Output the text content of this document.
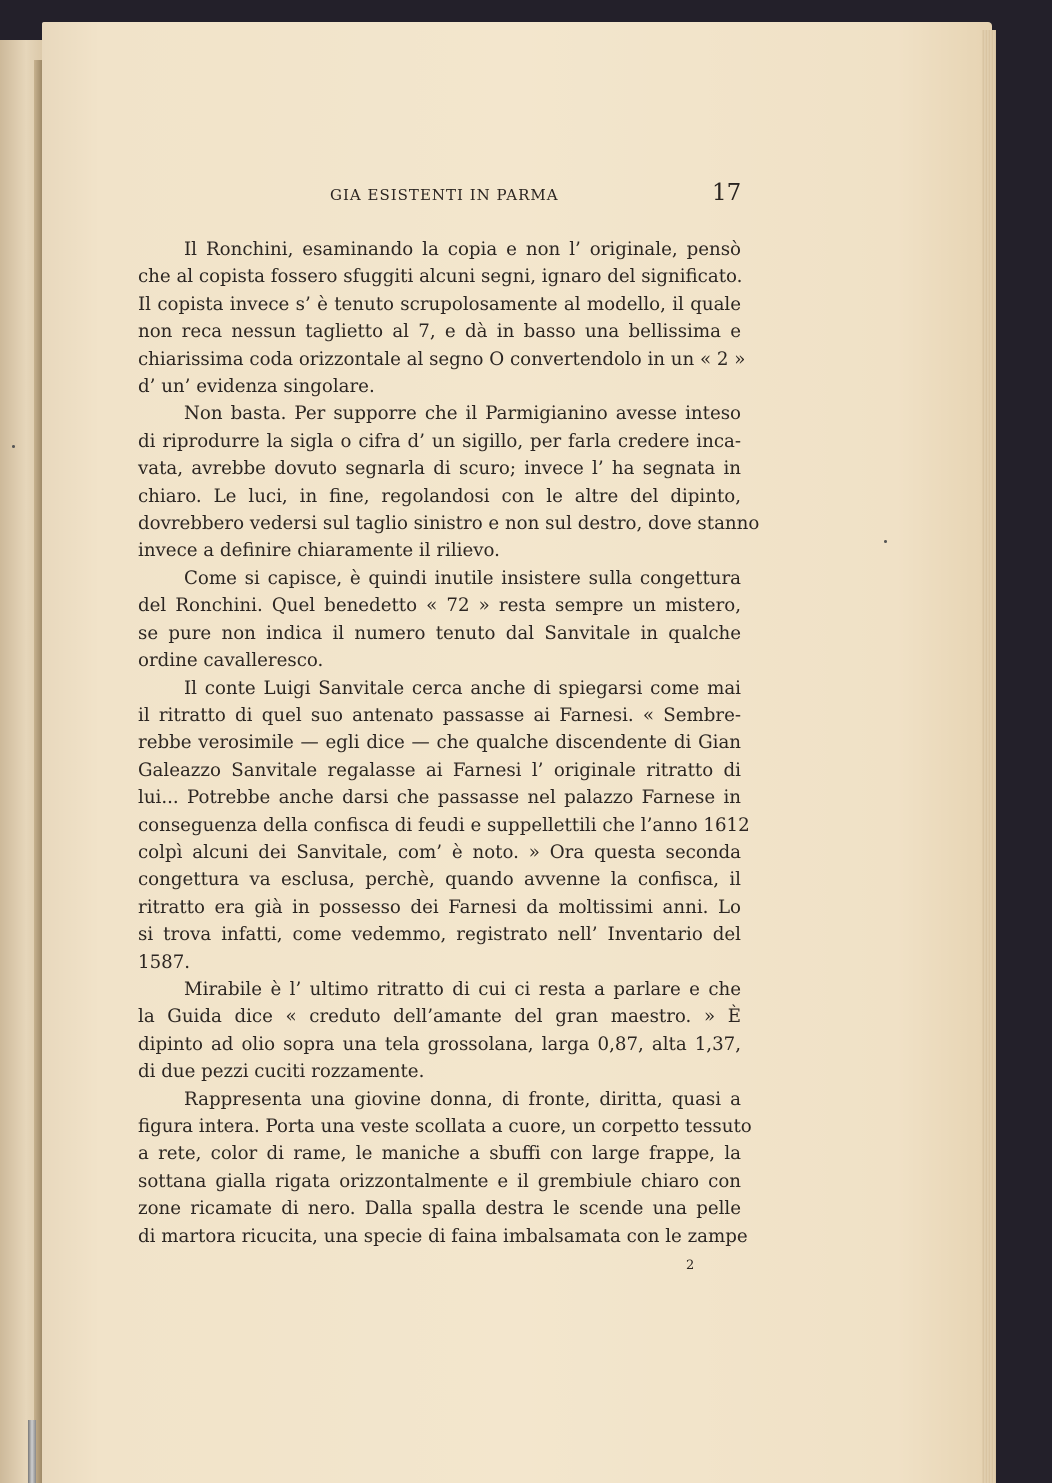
GIA ESISTENTI IN PARMA	17
Il Ronchini, esaminando la copia e non l’ originale, pensò
che al copista fossero sfuggiti alcuni segni, ignaro del significato.
Il copista invece s’ è tenuto scrupolosamente al modello, il quale
non reca nessun taglietto al 7, e dà in basso una bellissima e
chiarissima coda orizzontale al segno O convertendolo in un « 2 »
d’ un’ evidenza singolare.
Non basta. Per supporre che il Parmigianino avesse inteso
di riprodurre la sigla o cifra d’ un sigillo, per farla credere inca-
vata, avrebbe dovuto segnarla di scuro; invece l’ ha segnata in
chiaro. Le luci, in fine, regolandosi con le altre del dipinto,
dovrebbero vedersi sul taglio sinistro e non sul destro, dove stanno
invece a definire chiaramente il rilievo.
Come si capisce, è quindi inutile insistere sulla congettura
del Ronchini. Quel benedetto « 72 » resta sempre un mistero,
se pure non indica il numero tenuto dal Sanvitale in qualche
ordine cavalleresco.
Il conte Luigi Sanvitale cerca anche di spiegarsi come mai
il ritratto di quel suo antenato passasse ai Farnesi. « Sembre-
rebbe verosimile — egli dice — che qualche discendente di Gian
Galeazzo Sanvitale regalasse ai Farnesi l’ originale ritratto di
lui... Potrebbe anche darsi che passasse nel palazzo Farnese in
conseguenza della confisca di feudi e suppellettili che l’anno 1612
colpì alcuni dei Sanvitale, com’ è noto. » Ora questa seconda
congettura va esclusa, perchè, quando avvenne la confisca, il
ritratto era già in possesso dei Farnesi da moltissimi anni. Lo
si trova infatti, come vedemmo, registrato nell’ Inventario del
1587.
Mirabile è l’ ultimo ritratto di cui ci resta a parlare e che
la Guida dice « creduto dell’amante del gran maestro. » È
dipinto ad olio sopra una tela grossolana, larga 0,87, alta 1,37,
di due pezzi cuciti rozzamente.
Rappresenta una giovine donna, di fronte, diritta, quasi a
figura intera. Porta una veste scollata a cuore, un corpetto tessuto
a rete, color di rame, le maniche a sbuffi con large frappe, la
sottana gialla rigata orizzontalmente e il grembiule chiaro con
zone ricamate di nero. Dalla spalla destra le scende una pelle
di martora ricucita, una specie di faina imbalsamata con le zampe
2
